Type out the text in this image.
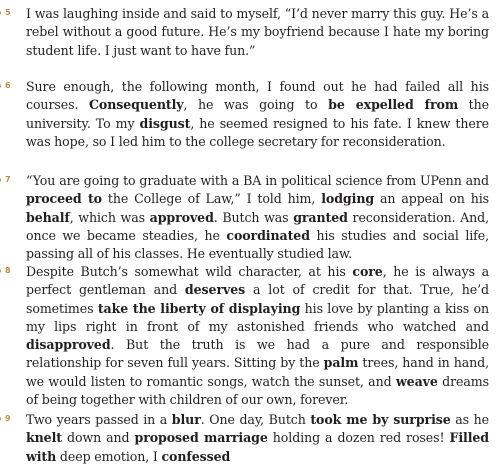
5 I was laughing inside and said to myself, “I’d never marry this guy. He’s a rebel without a good future. He’s my boyfriend because I hate my boring student life. I just want to have fun.”
6 Sure enough, the following month, I found out he had failed all his courses. Consequently, he was going to be expelled from the university. To my disgust, he seemed resigned to his fate. I knew there was hope, so I led him to the college secretary for reconsideration.
7 “You are going to graduate with a BA in political science from UPenn and proceed to the College of Law,” I told him, lodging an appeal on his behalf, which was approved. Butch was granted reconsideration. And, once we became steadies, he coordinated his studies and social life, passing all of his classes. He eventually studied law.
8 Despite Butch’s somewhat wild character, at his core, he is always a perfect gentleman and deserves a lot of credit for that. True, he’d sometimes take the liberty of displaying his love by planting a kiss on my lips right in front of my astonished friends who watched and disapproved. But the truth is we had a pure and responsible relationship for seven full years. Sitting by the palm trees, hand in hand, we would listen to romantic songs, watch the sunset, and weave dreams of being together with children of our own, forever.
9 Two years passed in a blur. One day, Butch took me by surprise as he knelt down and proposed marriage holding a dozen red roses! Filled with deep emotion, I confessed
